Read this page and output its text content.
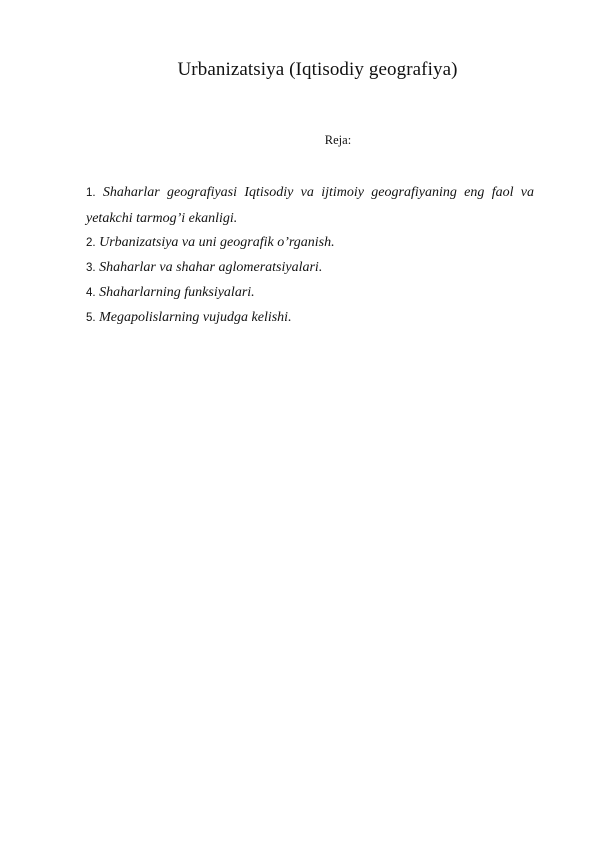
Urbanizatsiya (Iqtisodiy geografiya)
Reja:
1. Shaharlar geografiyasi Iqtisodiy va ijtimoiy geografiyaning eng faol va yetakchi tarmog’i ekanligi.
2. Urbanizatsiya va uni geografik o’rganish.
3. Shaharlar va shahar aglomeratsiyalari.
4. Shaharlarning funksiyalari.
5. Megapolislarning vujudga kelishi.
